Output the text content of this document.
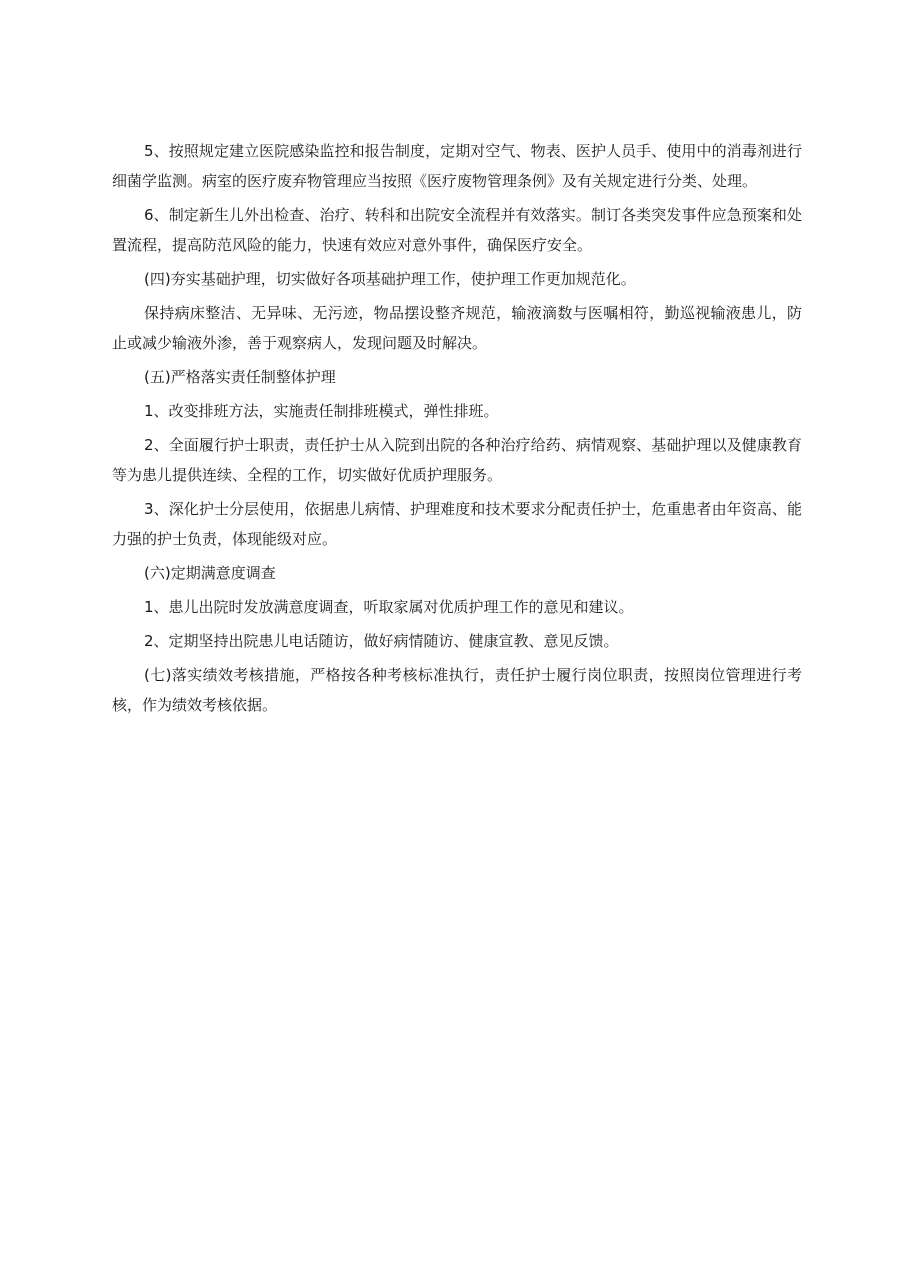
5、按照规定建立医院感染监控和报告制度，定期对空气、物表、医护人员手、使用中的消毒剂进行细菌学监测。病室的医疗废弃物管理应当按照《医疗废物管理条例》及有关规定进行分类、处理。

6、制定新生儿外出检查、治疗、转科和出院安全流程并有效落实。制订各类突发事件应急预案和处置流程，提高防范风险的能力，快速有效应对意外事件，确保医疗安全。

(四)夯实基础护理，切实做好各项基础护理工作，使护理工作更加规范化。

保持病床整洁、无异味、无污迹，物品摆设整齐规范，输液滴数与医嘱相符，勤巡视输液患儿，防止或减少输液外渗，善于观察病人，发现问题及时解决。

(五)严格落实责任制整体护理

1、改变排班方法，实施责任制排班模式，弹性排班。

2、全面履行护士职责，责任护士从入院到出院的各种治疗给药、病情观察、基础护理以及健康教育等为患儿提供连续、全程的工作，切实做好优质护理服务。

3、深化护士分层使用，依据患儿病情、护理难度和技术要求分配责任护士，危重患者由年资高、能力强的护士负责，体现能级对应。

(六)定期满意度调查

1、患儿出院时发放满意度调查，听取家属对优质护理工作的意见和建议。

2、定期坚持出院患儿电话随访，做好病情随访、健康宣教、意见反馈。

(七)落实绩效考核措施，严格按各种考核标准执行，责任护士履行岗位职责，按照岗位管理进行考核，作为绩效考核依据。
